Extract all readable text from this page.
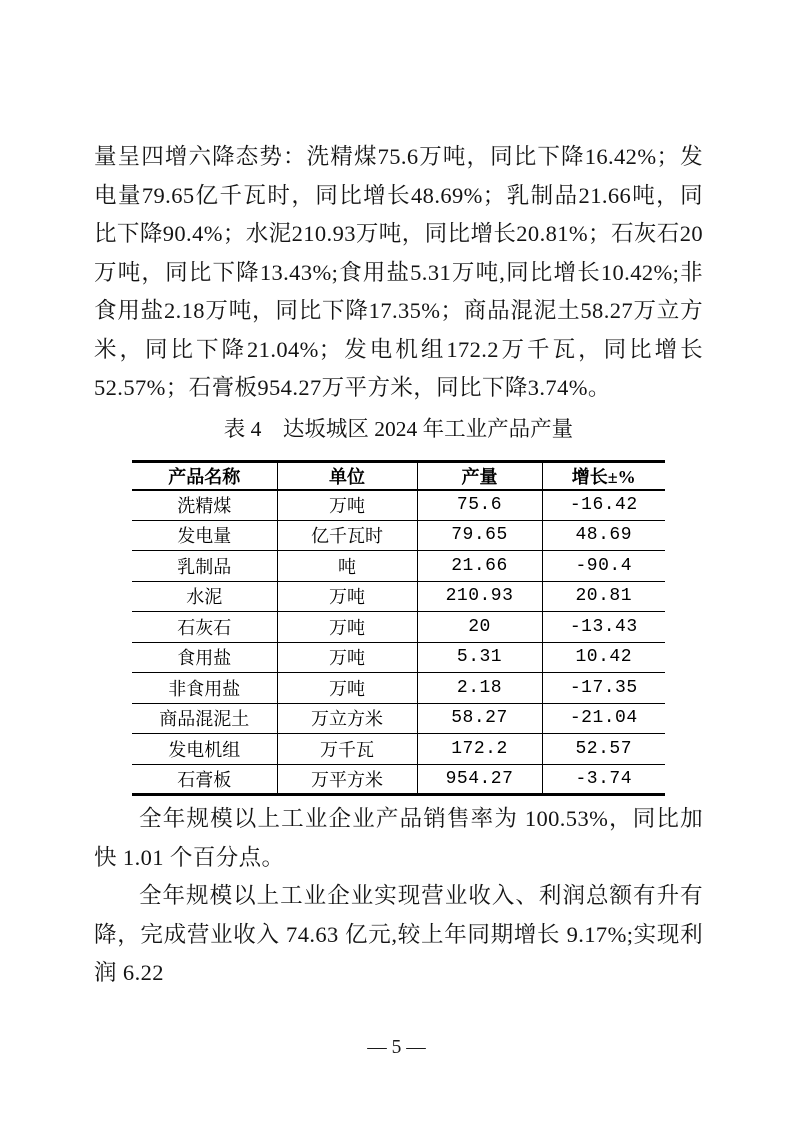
量呈四增六降态势：洗精煤75.6万吨，同比下降16.42%；发电量79.65亿千瓦时，同比增长48.69%；乳制品21.66吨，同比下降90.4%；水泥210.93万吨，同比增长20.81%；石灰石20万吨，同比下降13.43%;食用盐5.31万吨,同比增长10.42%;非食用盐2.18万吨，同比下降17.35%；商品混泥土58.27万立方米，同比下降21.04%；发电机组172.2万千瓦，同比增长52.57%；石膏板954.27万平方米，同比下降3.74%。

表 4　达坂城区 2024 年工业产品产量
产品名称	单位	产量	增长±%
洗精煤	万吨	75.6	-16.42
发电量	亿千瓦时	79.65	48.69
乳制品	吨	21.66	-90.4
水泥	万吨	210.93	20.81
石灰石	万吨	20	-13.43
食用盐	万吨	5.31	10.42
非食用盐	万吨	2.18	-17.35
商品混泥土	万立方米	58.27	-21.04
发电机组	万千瓦	172.2	52.57
石膏板	万平方米	954.27	-3.74

全年规模以上工业企业产品销售率为 100.53%，同比加快 1.01 个百分点。

全年规模以上工业企业实现营业收入、利润总额有升有降，完成营业收入 74.63 亿元,较上年同期增长 9.17%;实现利润 6.22

— 5 —
